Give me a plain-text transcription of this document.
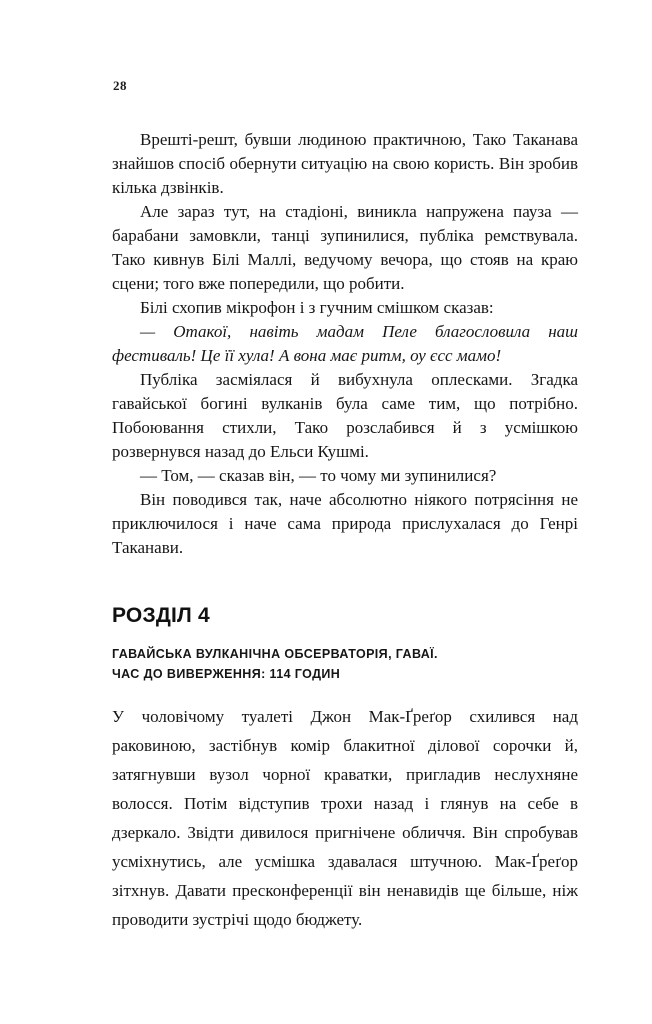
28

Врешті-решт, бувши людиною практичною, Тако Таканава знайшов спосіб обернути ситуацію на свою користь. Він зробив кілька дзвінків.

Але зараз тут, на стадіоні, виникла напружена пауза — барабани замовкли, танці зупинилися, публіка ремствувала. Тако кивнув Білі Маллі, ведучому вечора, що стояв на краю сцени; того вже попередили, що робити.

Білі схопив мікрофон і з гучним смішком сказав:

— Отакої, навіть мадам Пеле благословила наш фестиваль! Це її хула! А вона має ритм, оу єсс мамо!

Публіка засміялася й вибухнула оплесками. Згадка гавайської богині вулканів була саме тим, що потрібно. Побоювання стихли, Тако розслабився й з усмішкою розвернувся назад до Ельси Кушмі.

— Том, — сказав він, — то чому ми зупинилися?

Він поводився так, наче абсолютно ніякого потрясіння не приключилося і наче сама природа прислухалася до Генрі Таканави.

РОЗДІЛ 4
ГАВАЙСЬКА ВУЛКАНІЧНА ОБСЕРВАТОРІЯ, ГАВАЇ.
ЧАС ДО ВИВЕРЖЕННЯ: 114 ГОДИН

У чоловічому туалеті Джон Мак-Ґреґор схилився над раковиною, застібнув комір блакитної ділової сорочки й, затягнувши вузол чорної краватки, пригладив неслухняне волосся. Потім відступив трохи назад і глянув на себе в дзеркало. Звідти дивилося пригнічене обличчя. Він спробував усміхнутись, але усмішка здавалася штучною. Мак-Ґреґор зітхнув. Давати пресконференції він ненавидів ще більше, ніж проводити зустрічі щодо бюджету.
